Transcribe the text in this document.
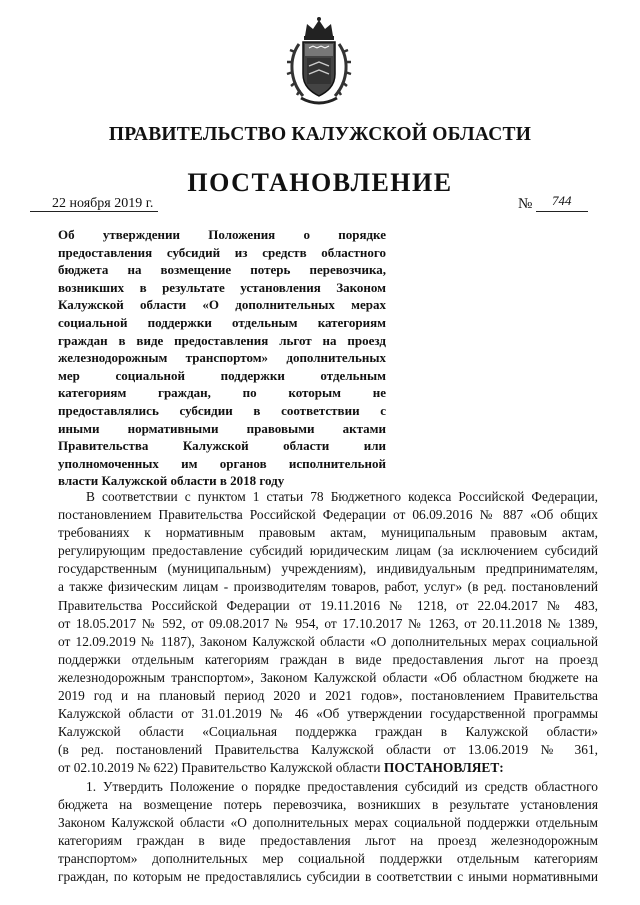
ПРАВИТЕЛЬСТВО КАЛУЖСКОЙ ОБЛАСТИ
ПОСТАНОВЛЕНИЕ
22 ноября 2019 г.	№ 744
Об утверждении Положения о порядке
предоставления субсидий из средств областного
бюджета на возмещение потерь перевозчика,
возникших в результате установления Законом
Калужской области «О дополнительных мерах
социальной поддержки отдельным категориям
граждан в виде предоставления льгот на проезд
железнодорожным транспортом» дополнительных
мер социальной поддержки отдельным
категориям граждан, по которым не
предоставлялись субсидии в соответствии с
иными нормативными правовыми актами
Правительства Калужской области или
уполномоченных им органов исполнительной
власти Калужской области в 2018 году
В соответствии с пунктом 1 статьи 78 Бюджетного кодекса Российской Федерации,
постановлением Правительства Российской Федерации от 06.09.2016 № 887 «Об общих
требованиях к нормативным правовым актам, муниципальным правовым актам,
регулирующим предоставление субсидий юридическим лицам (за исключением субсидий
государственным (муниципальным) учреждениям), индивидуальным предпринимателям,
а также физическим лицам - производителям товаров, работ, услуг» (в ред. постановлений
Правительства Российской Федерации от 19.11.2016 № 1218, от 22.04.2017 № 483,
от 18.05.2017 № 592, от 09.08.2017 № 954, от 17.10.2017 № 1263, от 20.11.2018 № 1389,
от 12.09.2019 № 1187), Законом Калужской области «О дополнительных мерах социальной
поддержки отдельным категориям граждан в виде предоставления льгот на проезд
железнодорожным транспортом», Законом Калужской области «Об областном бюджете на
2019 год и на плановый период 2020 и 2021 годов», постановлением Правительства
Калужской области от 31.01.2019 № 46 «Об утверждении государственной программы
Калужской области «Социальная поддержка граждан в Калужской области»
(в ред. постановлений Правительства Калужской области от 13.06.2019 № 361,
от 02.10.2019 № 622) Правительство Калужской области ПОСТАНОВЛЯЕТ:
1. Утвердить Положение о порядке предоставления субсидий из средств областного
бюджета на возмещение потерь перевозчика, возникших в результате установления
Законом Калужской области «О дополнительных мерах социальной поддержки отдельным
категориям граждан в виде предоставления льгот на проезд железнодорожным
транспортом» дополнительных мер социальной поддержки отдельным категориям
граждан, по которым не предоставлялись субсидии в соответствии с иными нормативными
